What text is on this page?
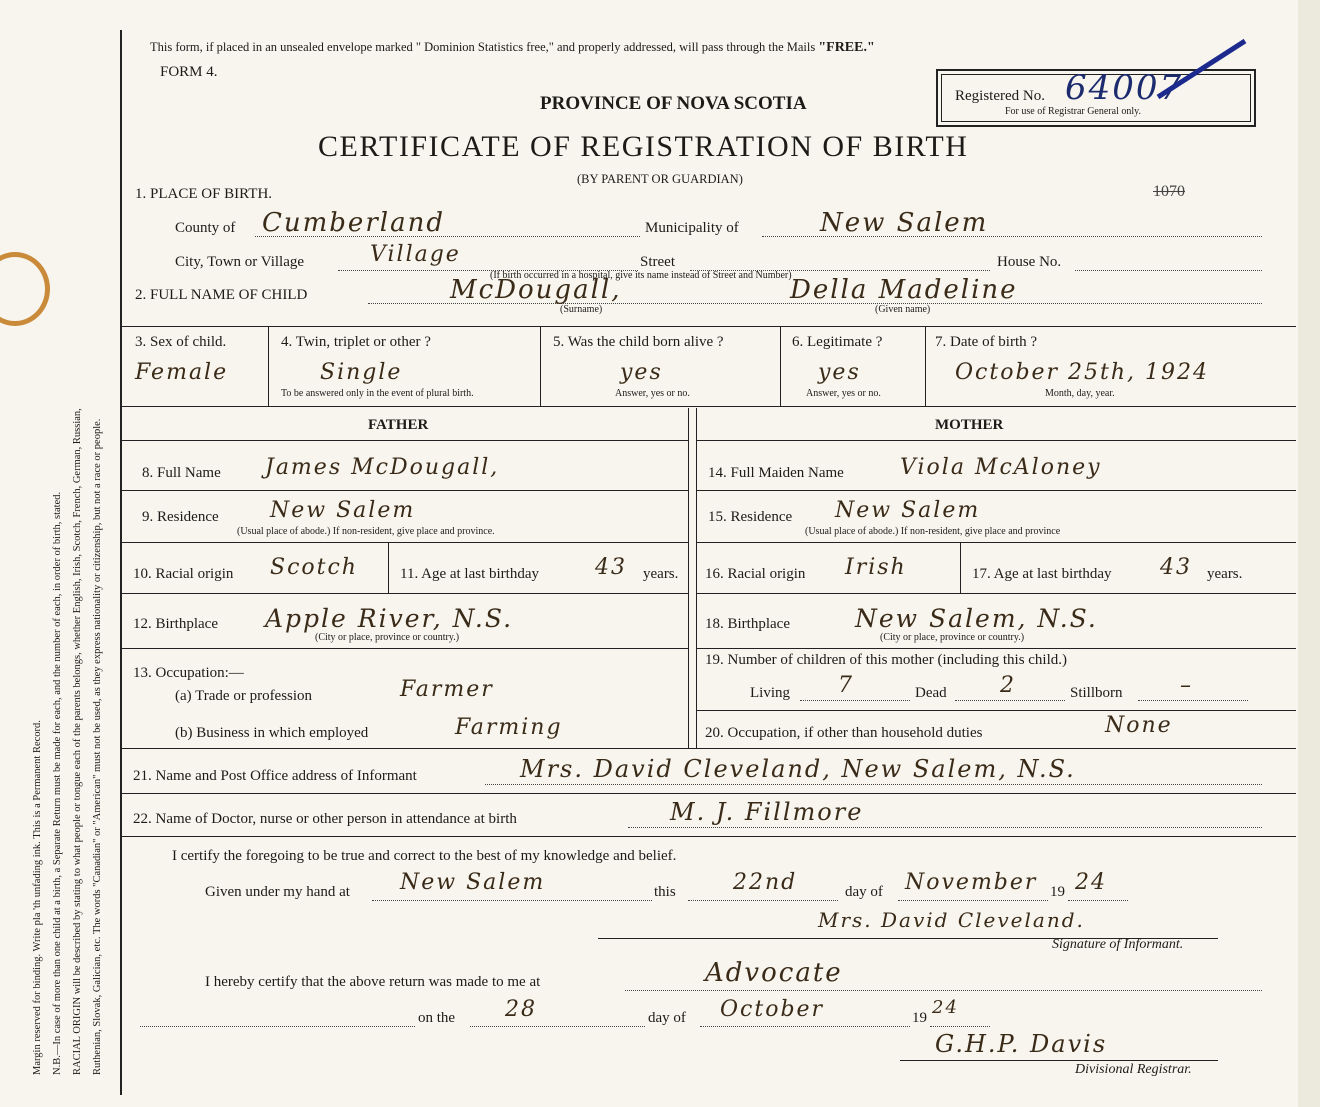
Margin reserved for binding. Write pla 'th unfading ink. This is a Permanent Record. N.B.—In case of more than one child at a birth, a Separate Return must be made for each, and the number of each, in order of birth, stated. RACIAL ORIGIN will be described by stating to what people or tongue each of the parents belongs, whether English, Irish, Scotch, French, German, Russian, Ruthenian, Slovak, Galician, etc. The words "Canadian" or "American" must not be used, as they express nationality or citizenship, but not a race or people.
This form, if placed in an unsealed envelope marked " Dominion Statistics free," and properly addressed, will pass through the Mails "FREE."
FORM 4.
PROVINCE OF NOVA SCOTIA
CERTIFICATE OF REGISTRATION OF BIRTH
(BY PARENT OR GUARDIAN)
Registered No. 64007
For use of Registrar General only.
1070
1. PLACE OF BIRTH.
County of Cumberland	Municipality of	New Salem
City, Town or Village	Village	Street	House No.
(If birth occurred in a hospital, give its name instead of Street and Number)
2. FULL NAME OF CHILD	McDougall,	Della Madeline
(Surname)	(Given name)
3. Sex of child.
Female
4. Twin, triplet or other ?
Single
To be answered only in the event of plural birth.
5. Was the child born alive ?
yes
Answer, yes or no.
6. Legitimate ?
yes
Answer, yes or no.
7. Date of birth ?
October 25th, 1924
Month, day, year.
FATHER	MOTHER
8. Full Name James McDougall,	14. Full Maiden Name	Viola McAloney
9. Residence New Salem
(Usual place of abode.) If non-resident, give place and province.
15. Residence New Salem
(Usual place of abode.) If non-resident, give place and province
10. Racial origin Scotch	11. Age at last birthday	43 years. 16. Racial origin Irish	17. Age at last birthday 43 years.
12. Birthplace Apple River, N.S.
(City or place, province or country.)
18. Birthplace	New Salem, N.S.
(City or place, province or country.)
13. Occupation:—
(a) Trade or profession	Farmer
19. Number of children of this mother (including this child.)
Living 7	Dead 2	Stillborn	–
(b) Business in which employed	Farming	20. Occupation, if other than household duties	None
21. Name and Post Office address of Informant	Mrs. David Cleveland, New Salem, N.S.
22. Name of Doctor, nurse or other person in attendance at birth	M. J. Fillmore
I certify the foregoing to be true and correct to the best of my knowledge and belief.
Given under my hand at New Salem	this	22nd	day of November 19 24
Mrs. David Cleveland.
Signature of Informant.
I hereby certify that the above return was made to me at	Advocate
on the 28	day of October	19 24
G.H.P. Davis
Divisional Registrar.
